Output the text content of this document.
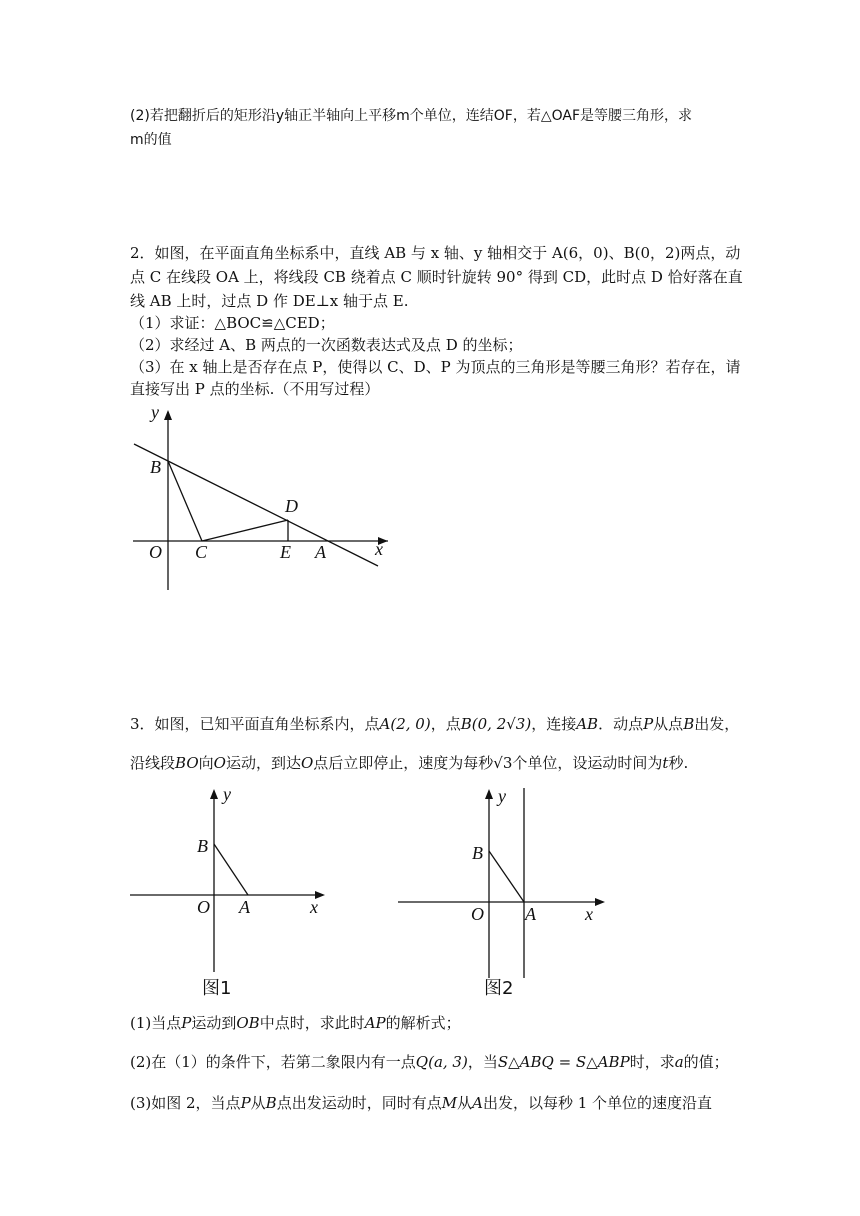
(2)若把翻折后的矩形沿y轴正半轴向上平移m个单位，连结OF，若△OAF是等腰三角形，求
m的值
2．如图，在平面直角坐标系中，直线 AB 与 x 轴、y 轴相交于 A(6，0)、B(0，2)两点，动
点 C 在线段 OA 上，将线段 CB 绕着点 C 顺时针旋转 90° 得到 CD，此时点 D 恰好落在直
线 AB 上时，过点 D 作 DE⊥x 轴于点 E.
（1）求证：△BOC≌△CED；
（2）求经过 A、B 两点的一次函数表达式及点 D 的坐标；
（3）在 x 轴上是否存在点 P，使得以 C、D、P 为顶点的三角形是等腰三角形？若存在，请
直接写出 P 点的坐标.（不用写过程）
y
x
B
D
O C	E A
3．如图，已知平面直角坐标系内，点A(2, 0)，点B(0, 2√3)，连接AB．动点P从点B出发，
沿线段BO向O运动，到达O点后立即停止，速度为每秒√3个单位，设运动时间为t秒.
y
x
B
O A
图1
y
x
B
O A
图2
(1)当点P运动到OB中点时，求此时AP的解析式；
(2)在（1）的条件下，若第二象限内有一点Q(a, 3)，当S△ABQ = S△ABP时，求a的值；
(3)如图 2，当点P从B点出发运动时，同时有点M从A出发，以每秒 1 个单位的速度沿直
